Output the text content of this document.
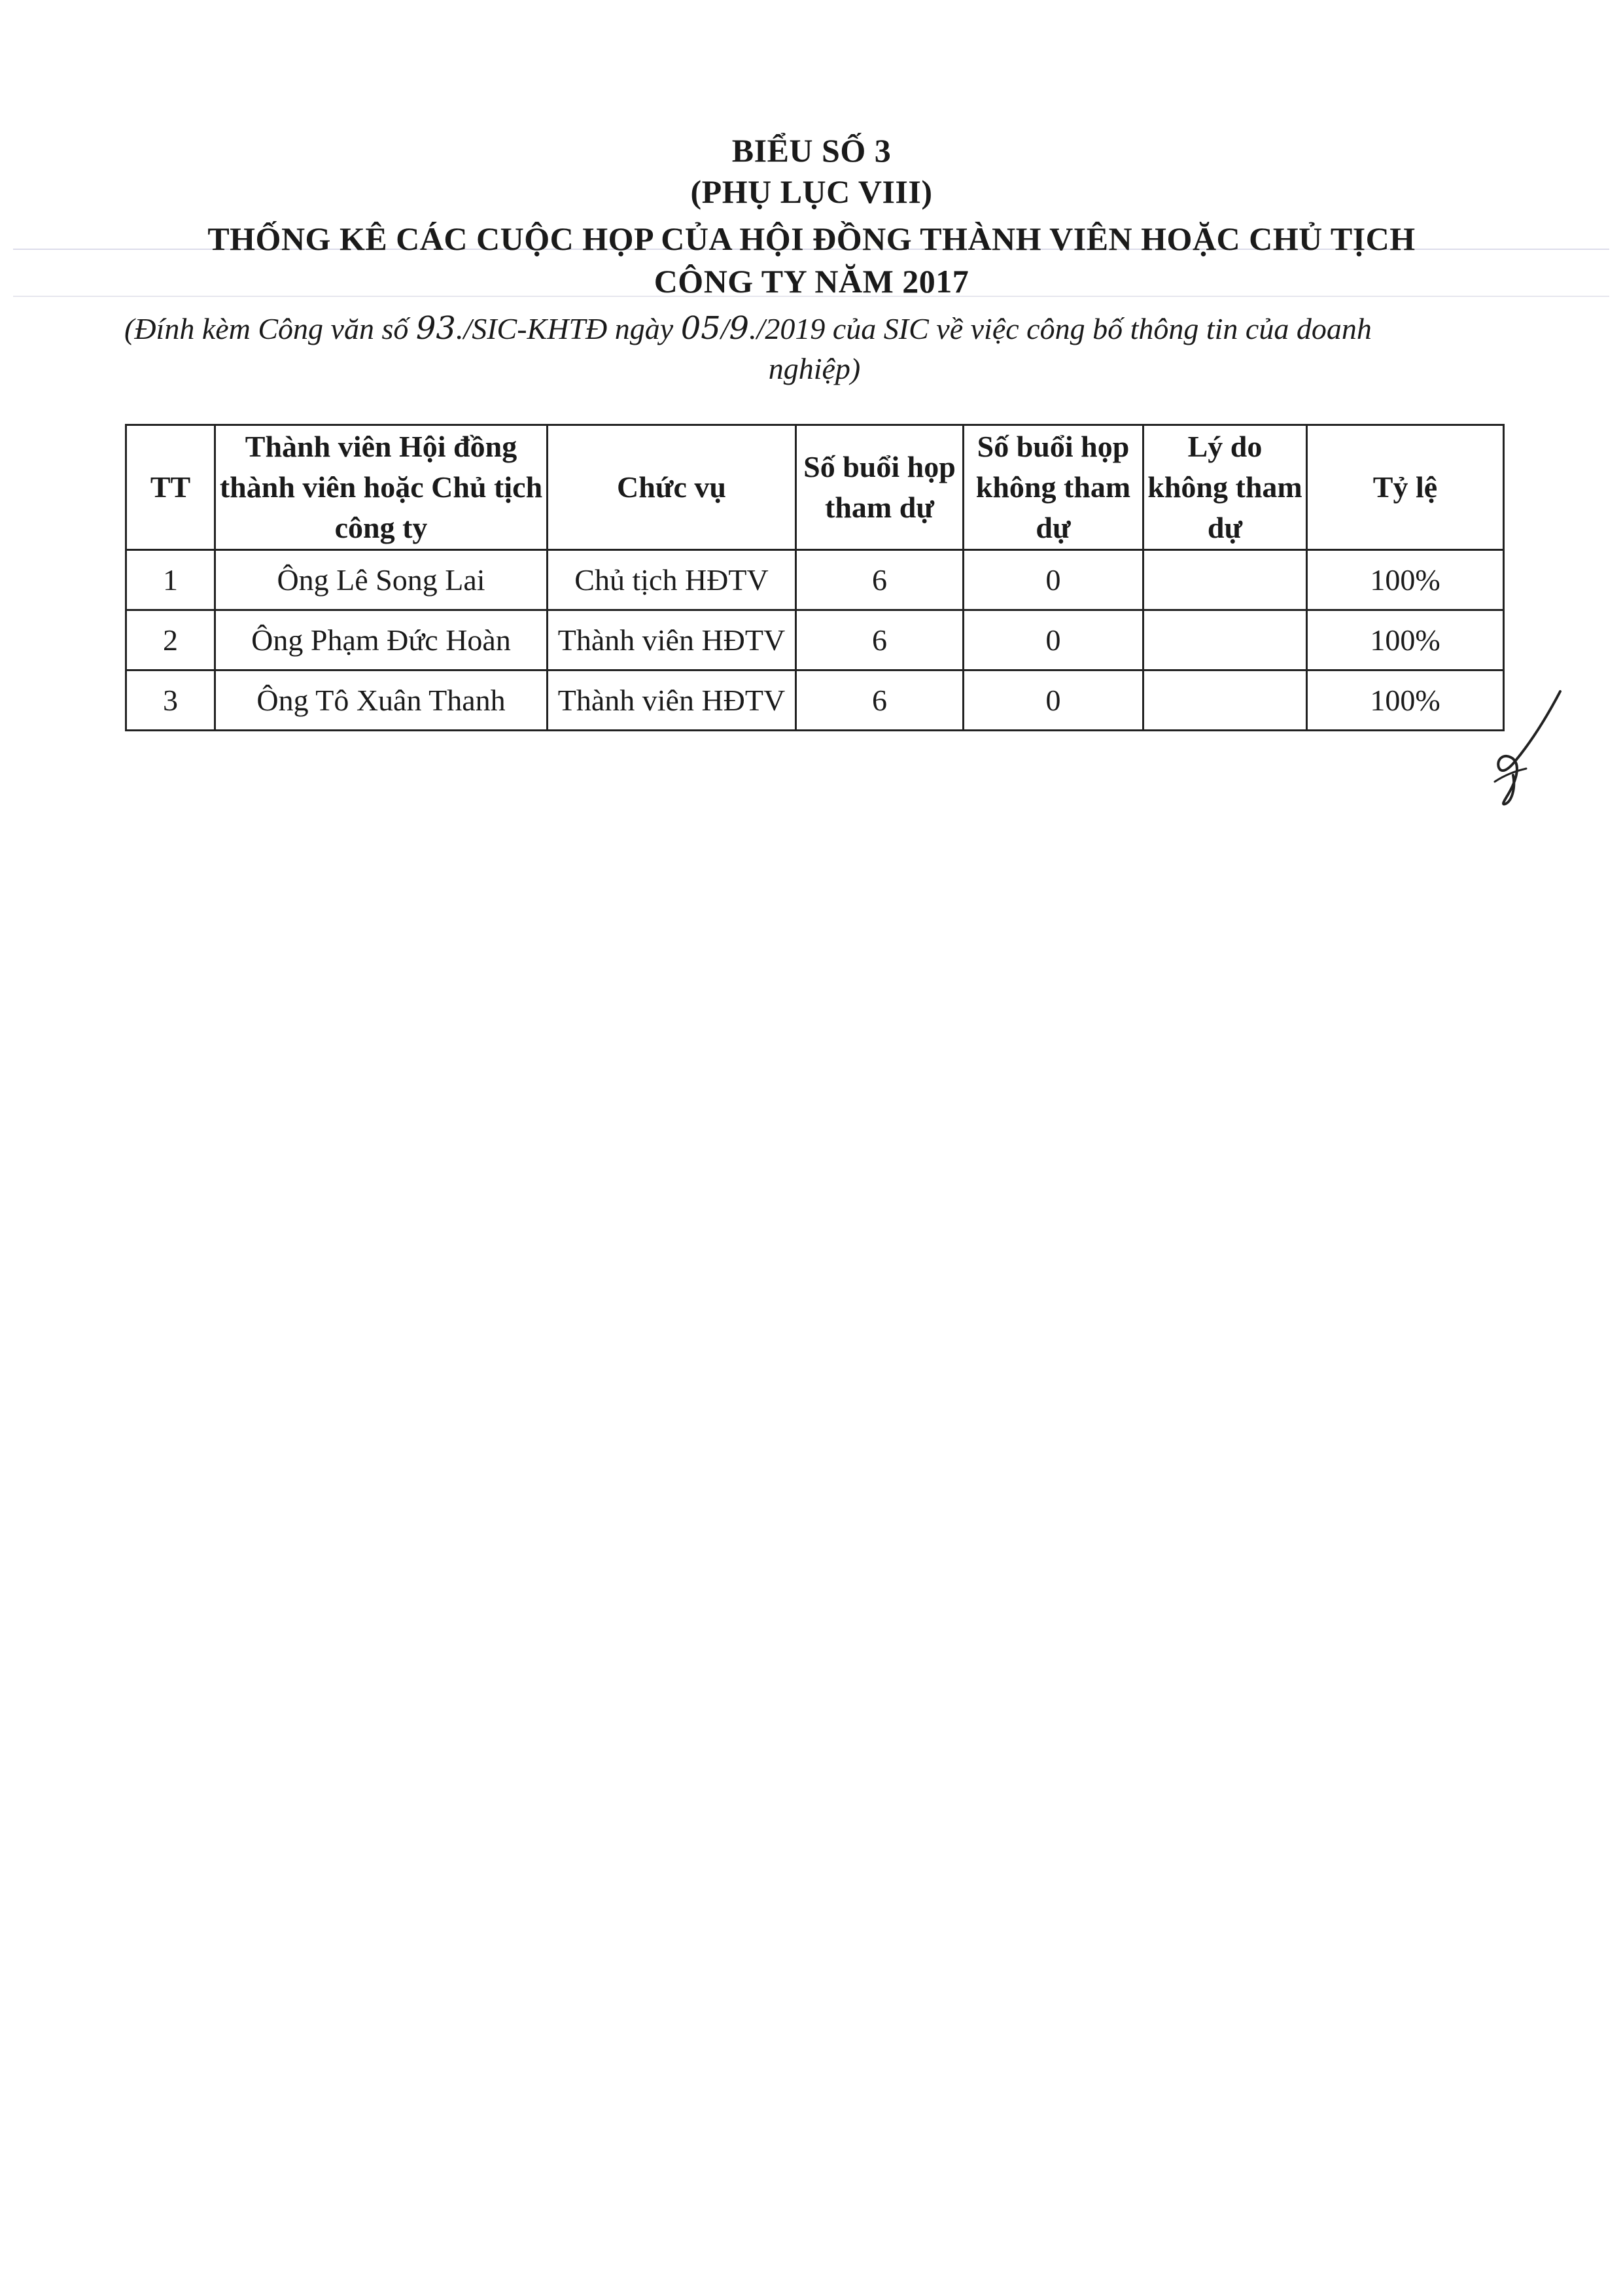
BIỂU SỐ 3
(PHỤ LỤC VIII)
THỐNG KÊ CÁC CUỘC HỌP CỦA HỘI ĐỒNG THÀNH VIÊN HOẶC CHỦ TỊCH
CÔNG TY NĂM 2017
(Đính kèm Công văn số 93./SIC-KHTĐ ngày 05/9./2019 của SIC về việc công bố thông tin của doanh
nghiệp)
TT	Thành viên Hội đồng thành viên hoặc Chủ tịch công ty	Chức vụ	Số buổi họp tham dự	Số buổi họp không tham dự	Lý do không tham dự	Tỷ lệ
1	Ông Lê Song Lai	Chủ tịch HĐTV	6	0		100%
2	Ông Phạm Đức Hoàn	Thành viên HĐTV	6	0		100%
3	Ông Tô Xuân Thanh	Thành viên HĐTV	6	0		100%
